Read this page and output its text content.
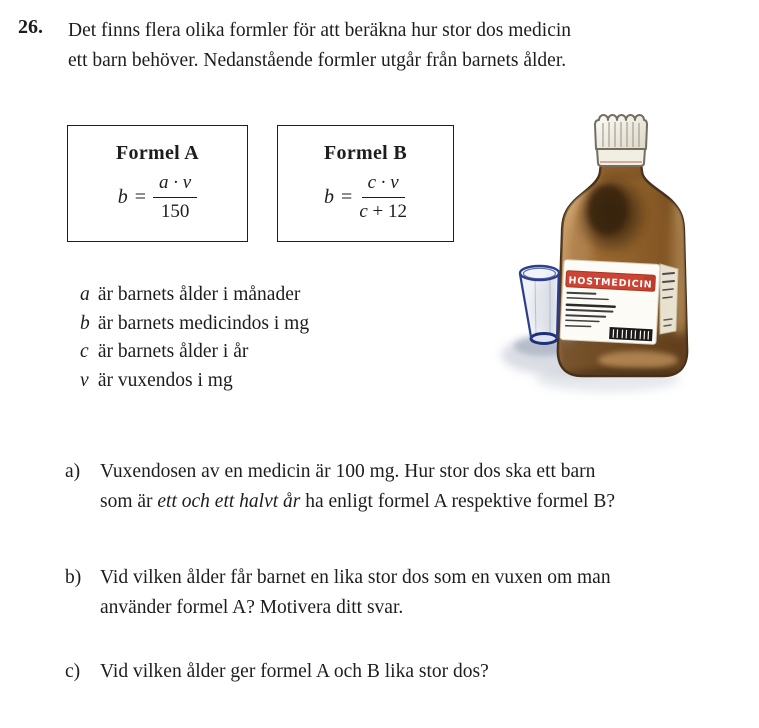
26. Det finns flera olika formler för att beräkna hur stor dos medicin
ett barn behöver. Nedanstående formler utgår från barnets ålder.
Formel A
$b = \frac{a \cdot v}{150}$
Formel B
$b = \frac{c \cdot v}{c + 12}$
a är barnets ålder i månader
b är barnets medicindos i mg
c är barnets ålder i år
v är vuxendos i mg
HOSTMEDICIN
a)	Vuxendosen av en medicin är 100 mg. Hur stor dos ska ett barn
som är ett och ett halvt år ha enligt formel A respektive formel B?
b) Vid vilken ålder får barnet en lika stor dos som en vuxen om man
använder formel A? Motivera ditt svar.
c)	Vid vilken ålder ger formel A och B lika stor dos?
